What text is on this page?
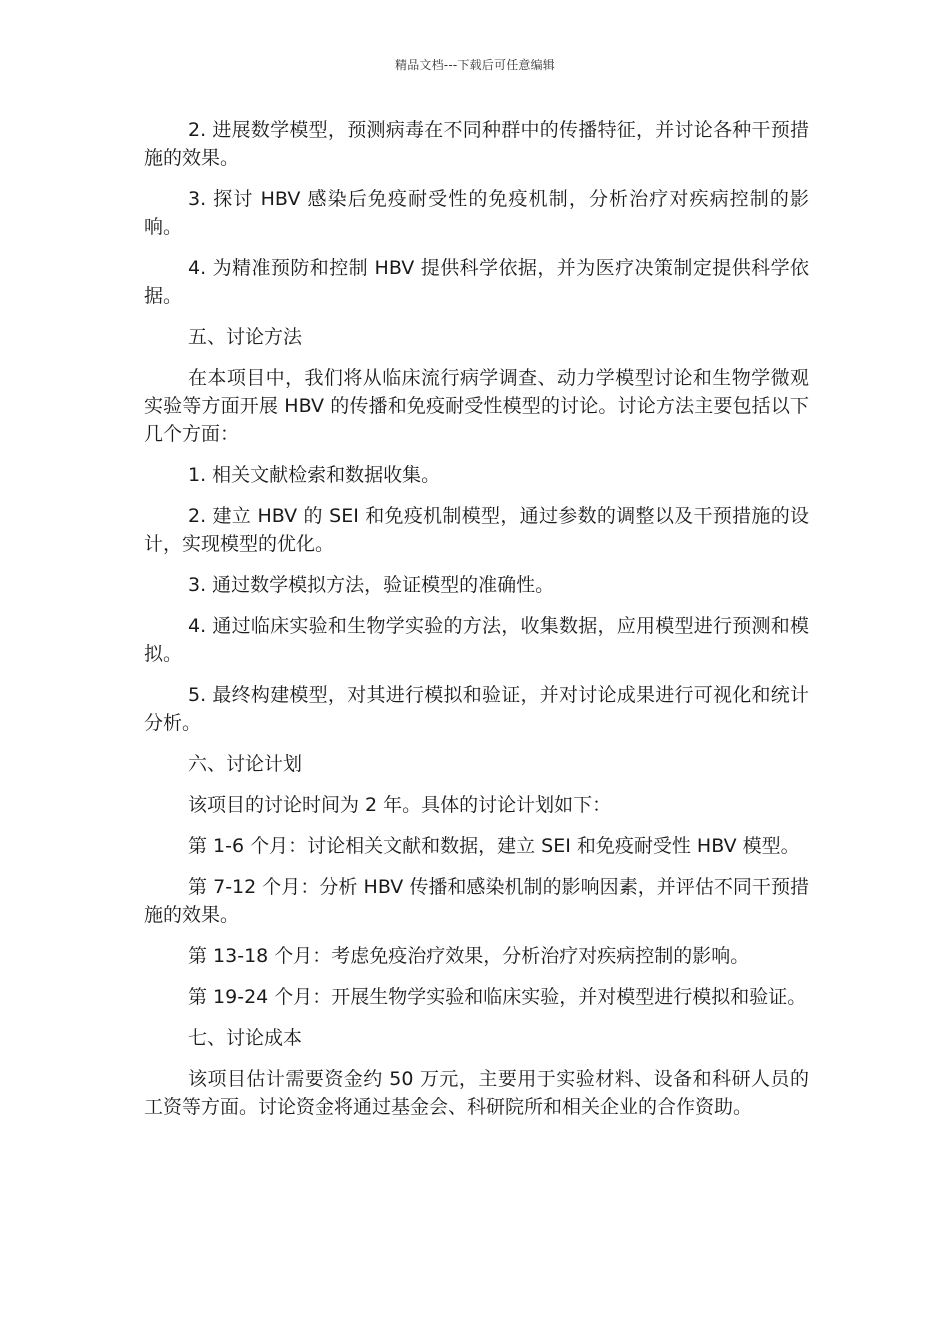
精品文档---下载后可任意编辑

2. 进展数学模型，预测病毒在不同种群中的传播特征，并讨论各种干预措施的效果。

3. 探讨 HBV 感染后免疫耐受性的免疫机制，分析治疗对疾病控制的影响。

4. 为精准预防和控制 HBV 提供科学依据，并为医疗决策制定提供科学依据。

五、讨论方法

在本项目中，我们将从临床流行病学调查、动力学模型讨论和生物学微观实验等方面开展 HBV 的传播和免疫耐受性模型的讨论。讨论方法主要包括以下几个方面：

1. 相关文献检索和数据收集。

2. 建立 HBV 的 SEI 和免疫机制模型，通过参数的调整以及干预措施的设计，实现模型的优化。

3. 通过数学模拟方法，验证模型的准确性。

4. 通过临床实验和生物学实验的方法，收集数据，应用模型进行预测和模拟。

5. 最终构建模型，对其进行模拟和验证，并对讨论成果进行可视化和统计分析。

六、讨论计划

该项目的讨论时间为 2 年。具体的讨论计划如下：

第 1-6 个月：讨论相关文献和数据，建立 SEI 和免疫耐受性 HBV 模型。

第 7-12 个月：分析 HBV 传播和感染机制的影响因素，并评估不同干预措施的效果。

第 13-18 个月：考虑免疫治疗效果，分析治疗对疾病控制的影响。

第 19-24 个月：开展生物学实验和临床实验，并对模型进行模拟和验证。

七、讨论成本

该项目估计需要资金约 50 万元，主要用于实验材料、设备和科研人员的工资等方面。讨论资金将通过基金会、科研院所和相关企业的合作资助。
